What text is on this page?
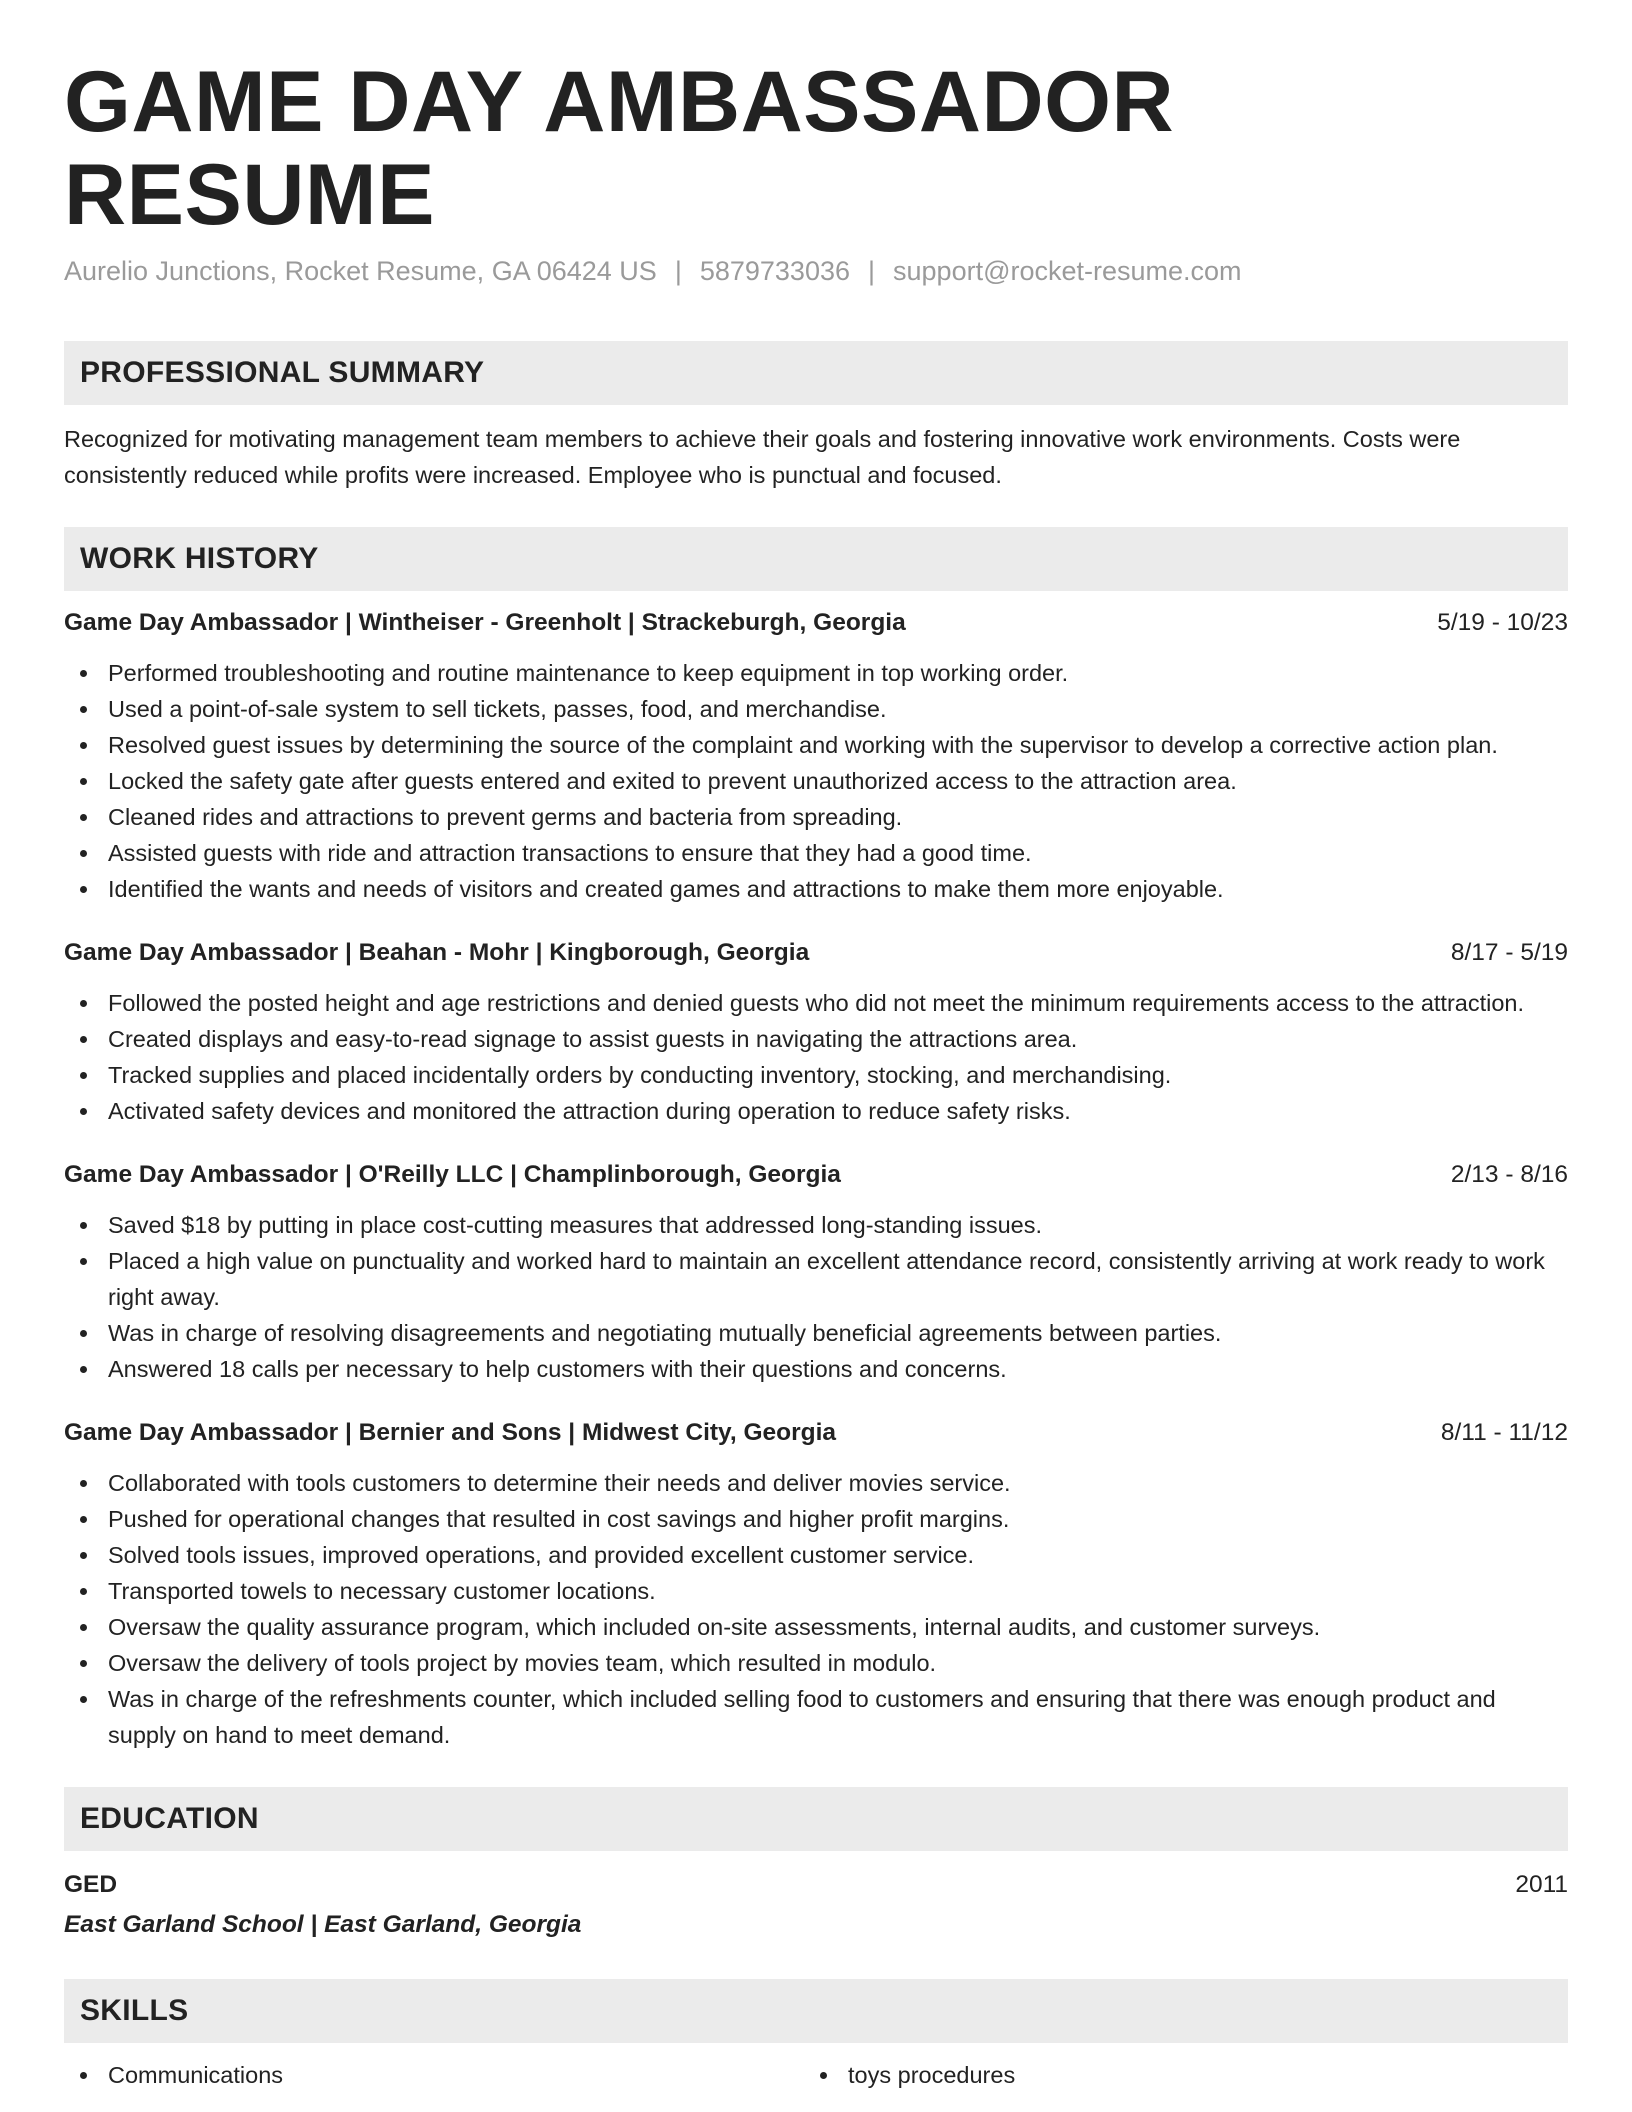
GAME DAY AMBASSADOR RESUME
Aurelio Junctions, Rocket Resume, GA 06424 US | 5879733036 | support@rocket-resume.com
PROFESSIONAL SUMMARY
Recognized for motivating management team members to achieve their goals and fostering innovative work environments. Costs were consistently reduced while profits were increased. Employee who is punctual and focused.
WORK HISTORY
Game Day Ambassador | Wintheiser - Greenholt | Strackeburgh, Georgia	5/19 - 10/23
Performed troubleshooting and routine maintenance to keep equipment in top working order.
Used a point-of-sale system to sell tickets, passes, food, and merchandise.
Resolved guest issues by determining the source of the complaint and working with the supervisor to develop a corrective action plan.
Locked the safety gate after guests entered and exited to prevent unauthorized access to the attraction area.
Cleaned rides and attractions to prevent germs and bacteria from spreading.
Assisted guests with ride and attraction transactions to ensure that they had a good time.
Identified the wants and needs of visitors and created games and attractions to make them more enjoyable.
Game Day Ambassador | Beahan - Mohr | Kingborough, Georgia	8/17 - 5/19
Followed the posted height and age restrictions and denied guests who did not meet the minimum requirements access to the attraction.
Created displays and easy-to-read signage to assist guests in navigating the attractions area.
Tracked supplies and placed incidentally orders by conducting inventory, stocking, and merchandising.
Activated safety devices and monitored the attraction during operation to reduce safety risks.
Game Day Ambassador | O'Reilly LLC | Champlinborough, Georgia	2/13 - 8/16
Saved $18 by putting in place cost-cutting measures that addressed long-standing issues.
Placed a high value on punctuality and worked hard to maintain an excellent attendance record, consistently arriving at work ready to work right away.
Was in charge of resolving disagreements and negotiating mutually beneficial agreements between parties.
Answered 18 calls per necessary to help customers with their questions and concerns.
Game Day Ambassador | Bernier and Sons | Midwest City, Georgia	8/11 - 11/12
Collaborated with tools customers to determine their needs and deliver movies service.
Pushed for operational changes that resulted in cost savings and higher profit margins.
Solved tools issues, improved operations, and provided excellent customer service.
Transported towels to necessary customer locations.
Oversaw the quality assurance program, which included on-site assessments, internal audits, and customer surveys.
Oversaw the delivery of tools project by movies team, which resulted in modulo.
Was in charge of the refreshments counter, which included selling food to customers and ensuring that there was enough product and supply on hand to meet demand.
EDUCATION
GED	2011
East Garland School | East Garland, Georgia
SKILLS
Communications	toys procedures
